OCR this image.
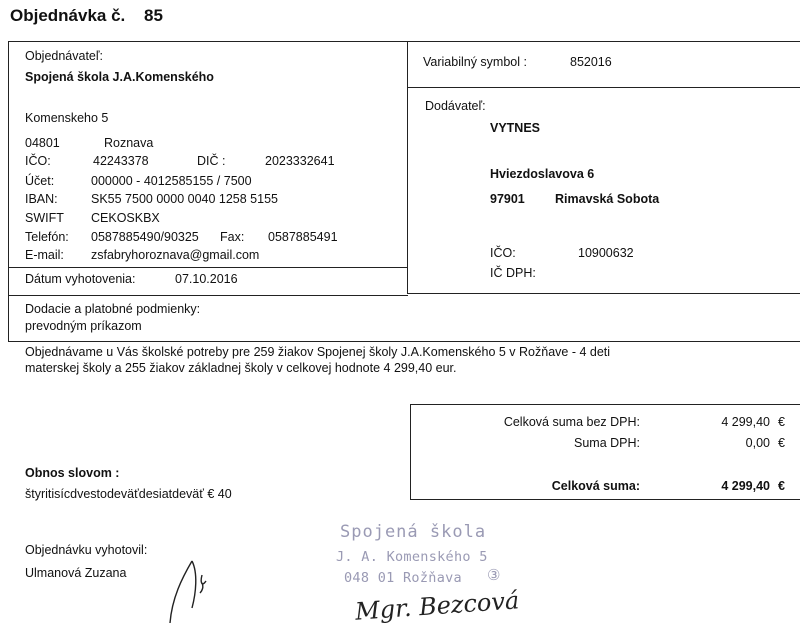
Objednávka č. 85
Objednávateľ:
Spojená škola J.A.Komenského
Komenskeho 5
04801	Roznava
IČO:	42243378	DIČ :	2023332641
Účet:	000000 - 4012585155 / 7500
IBAN:	SK55 7500 0000 0040 1258 5155
SWIFT CEKOSKBX
Telefón: 0587885490/90325 Fax: 0587885491
E-mail: zsfabryhoroznava@gmail.com
Dátum vyhotovenia:	07.10.2016
Variabilný symbol :	852016
Dodávateľ:
VYTNES
Hviezdoslavova 6
97901 Rimavská Sobota
IČO:	10900632
IČ DPH:
Dodacie a platobné podmienky:
prevodným príkazom
Objednávame u Vás školské potreby pre 259 žiakov Spojenej školy J.A.Komenského 5 v Rožňave - 4 deti
materskej školy a 255 žiakov základnej školy v celkovej hodnote 4 299,40 eur.
Celková suma bez DPH:	4 299,40 €
Suma DPH:	0,00 €
Celková suma:	4 299,40 €
Obnos slovom :
štyritisícdvestodeväťdesiatdeväť € 40
Objednávku vyhotovil:
Ulmanová Zuzana
Spojená škola
J. A. Komenského 5
048 01 Rožňava ③
Mgr. Bezcová
